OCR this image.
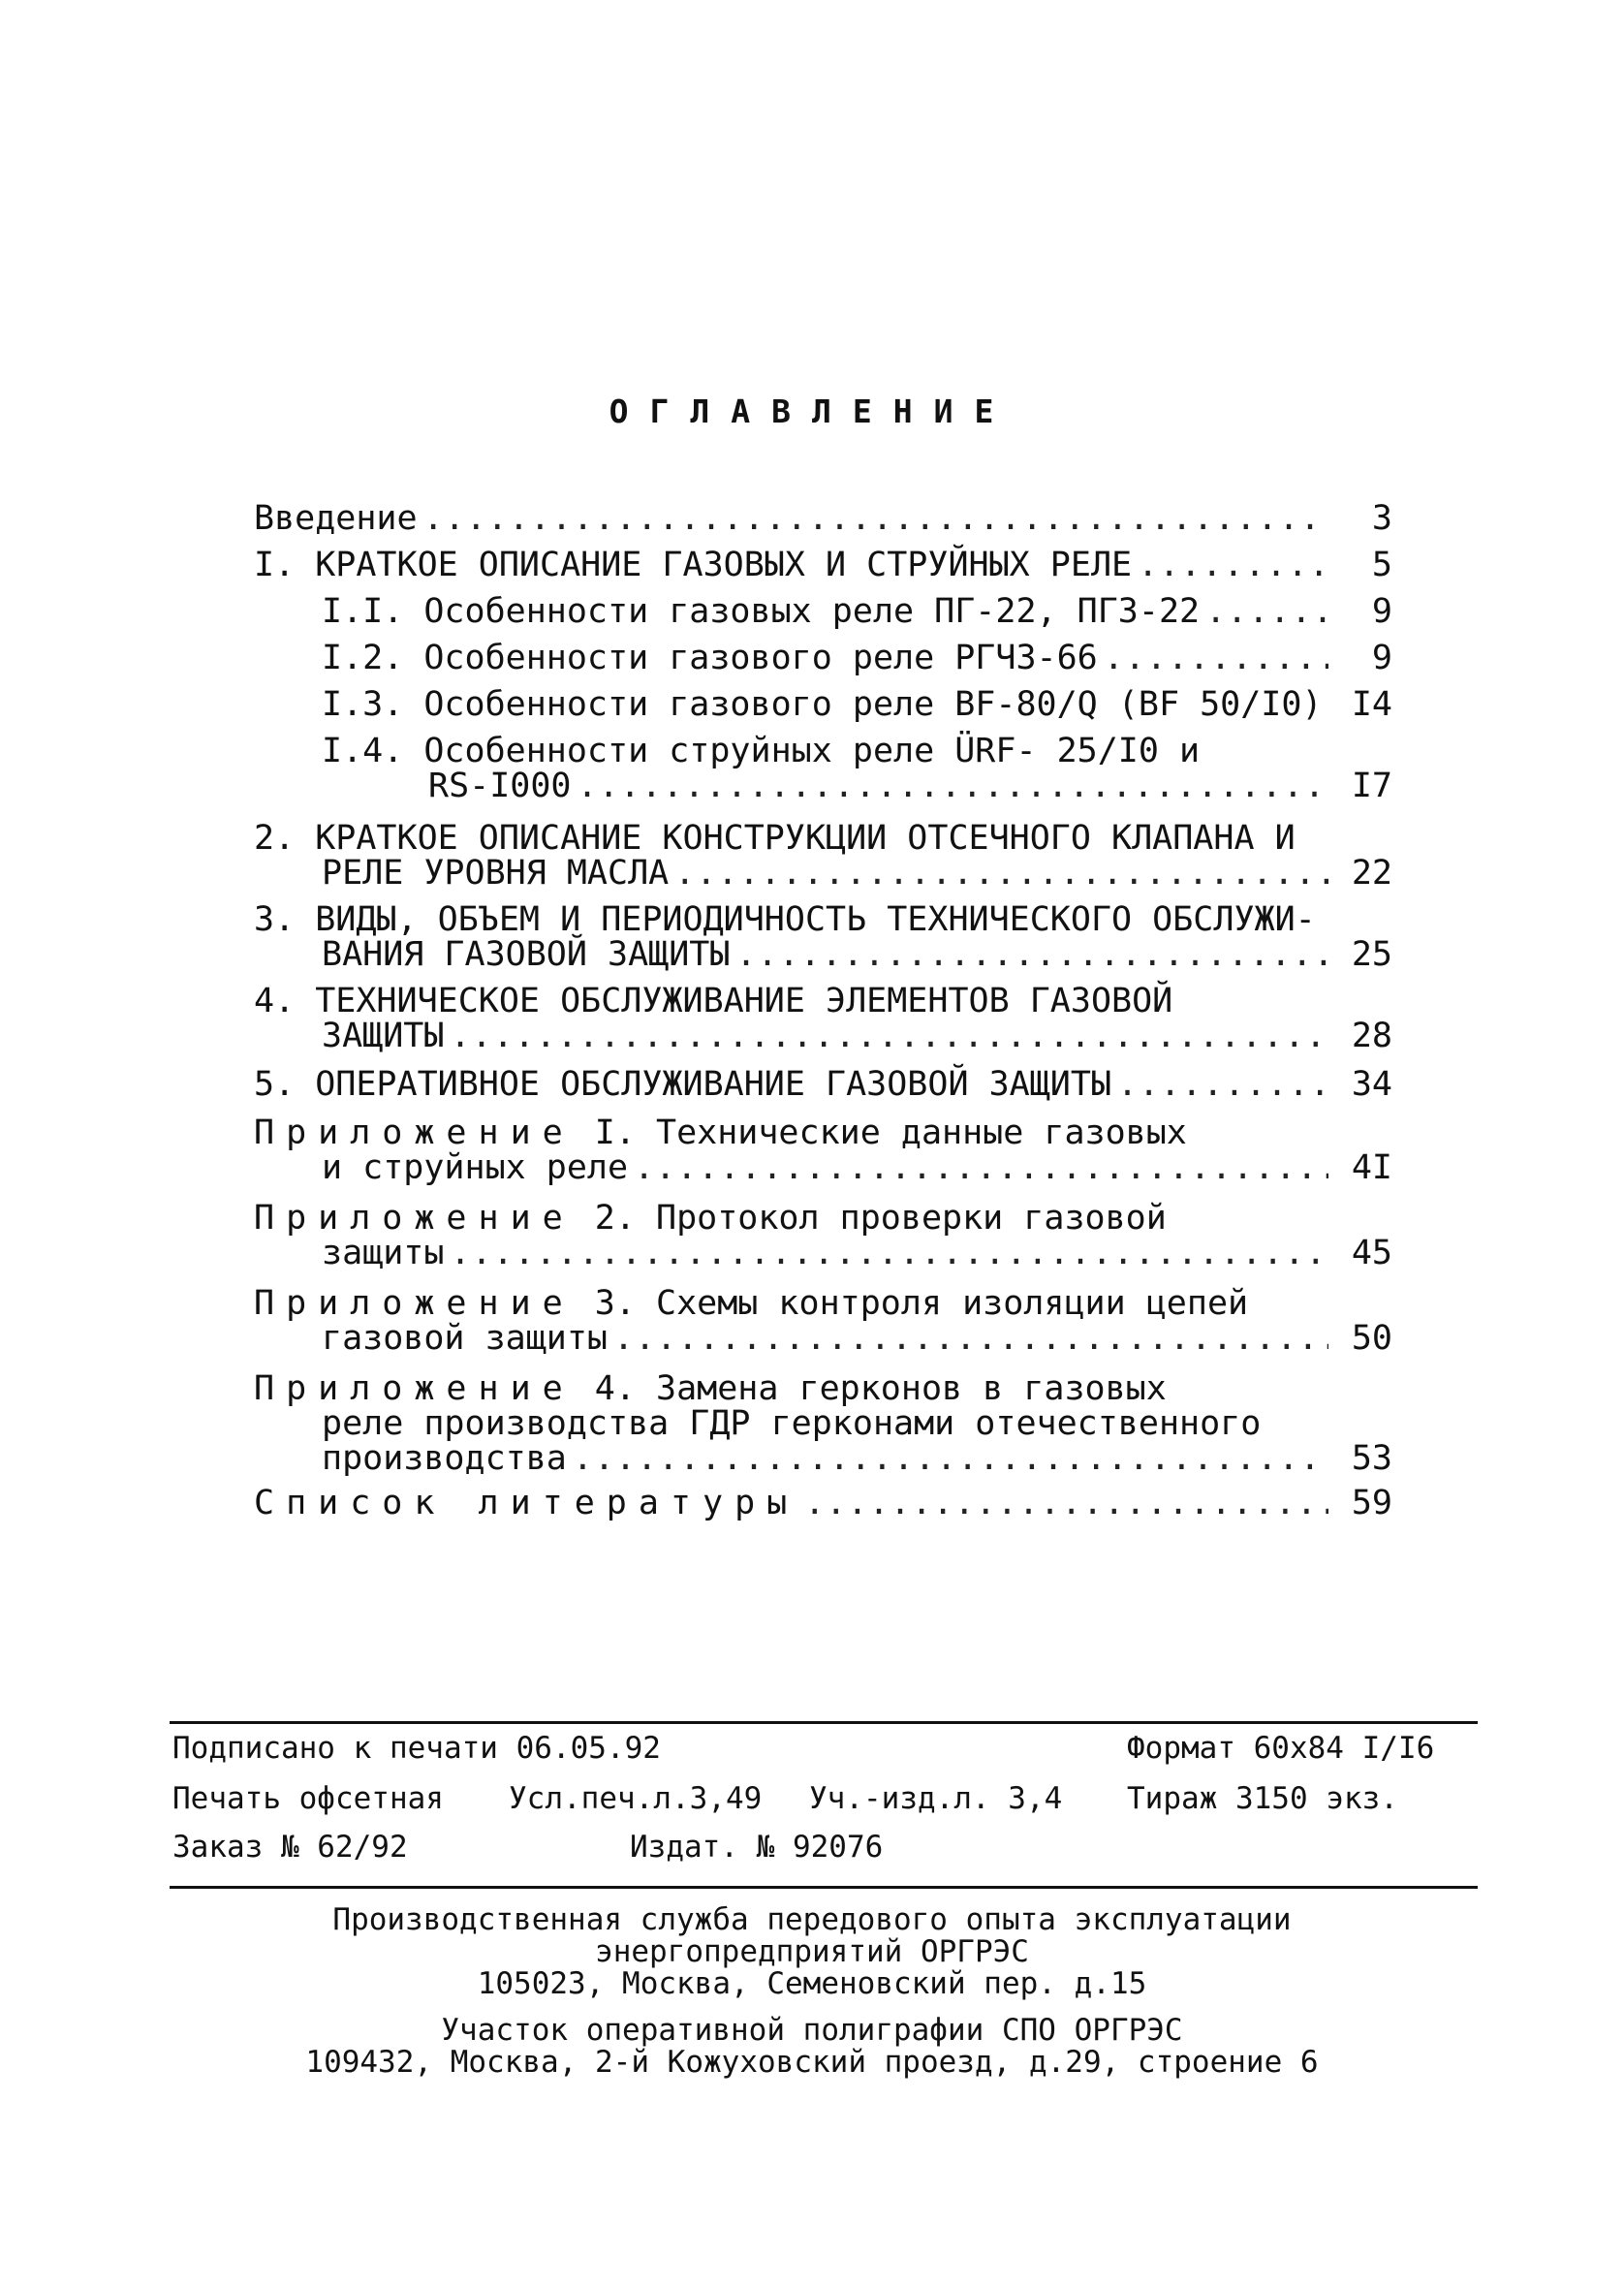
ОГЛАВЛЕНИЕ
Введение .....	3
I. КРАТКОЕ ОПИСАНИЕ ГАЗОВЫХ И СТРУЙНЫХ РЕЛЕ .....	5
I.I. Особенности газовых реле ПГ-22, ПГЗ-22 .....	9
I.2. Особенности газового реле РГЧЗ-66 .....	9
I.3. Особенности газового реле BF-80/Q (BF 50/I0) I4
I.4. Особенности струйных реле ÜRF- 25/I0 и
RS-I000 .....	I7
2. КРАТКОЕ ОПИСАНИЕ КОНСТРУКЦИИ ОТСЕЧНОГО КЛАПАНА И
РЕЛЕ УРОВНЯ МАСЛА .....	22
3. ВИДЫ, ОБЪЕМ И ПЕРИОДИЧНОСТЬ ТЕХНИЧЕСКОГО ОБСЛУЖИ-
ВАНИЯ ГАЗОВОЙ ЗАЩИТЫ .....	25
4. ТЕХНИЧЕСКОЕ ОБСЛУЖИВАНИЕ ЭЛЕМЕНТОВ ГАЗОВОЙ
ЗАЩИТЫ .....	28
5. ОПЕРАТИВНОЕ ОБСЛУЖИВАНИЕ ГАЗОВОЙ ЗАЩИТЫ .....	34
Приложение I. Технические данные газовых
и струйных реле .....	4I
Приложение 2. Протокол проверки газовой
защиты .....	45
Приложение 3. Схемы контроля изоляции цепей
газовой защиты .....	50
Приложение 4. Замена герконов в газовых
реле производства ГДР герконами отечественного
производства .....	53
Список литературы .....	59
Подписано к печати 06.05.92	Формат 60х84 I/I6
Печать офсетная Усл.печ.л.3,49 Уч.-изд.л. 3,4 Тираж 3150 экз.
Заказ № 62/92	Издат. № 92076
Производственная служба передового опыта эксплуатации
энергопредприятий ОРГРЭС
105023, Москва, Семеновский пер. д.15
Участок оперативной полиграфии СПО ОРГРЭС
109432, Москва, 2-й Кожуховский проезд, д.29, строение 6
